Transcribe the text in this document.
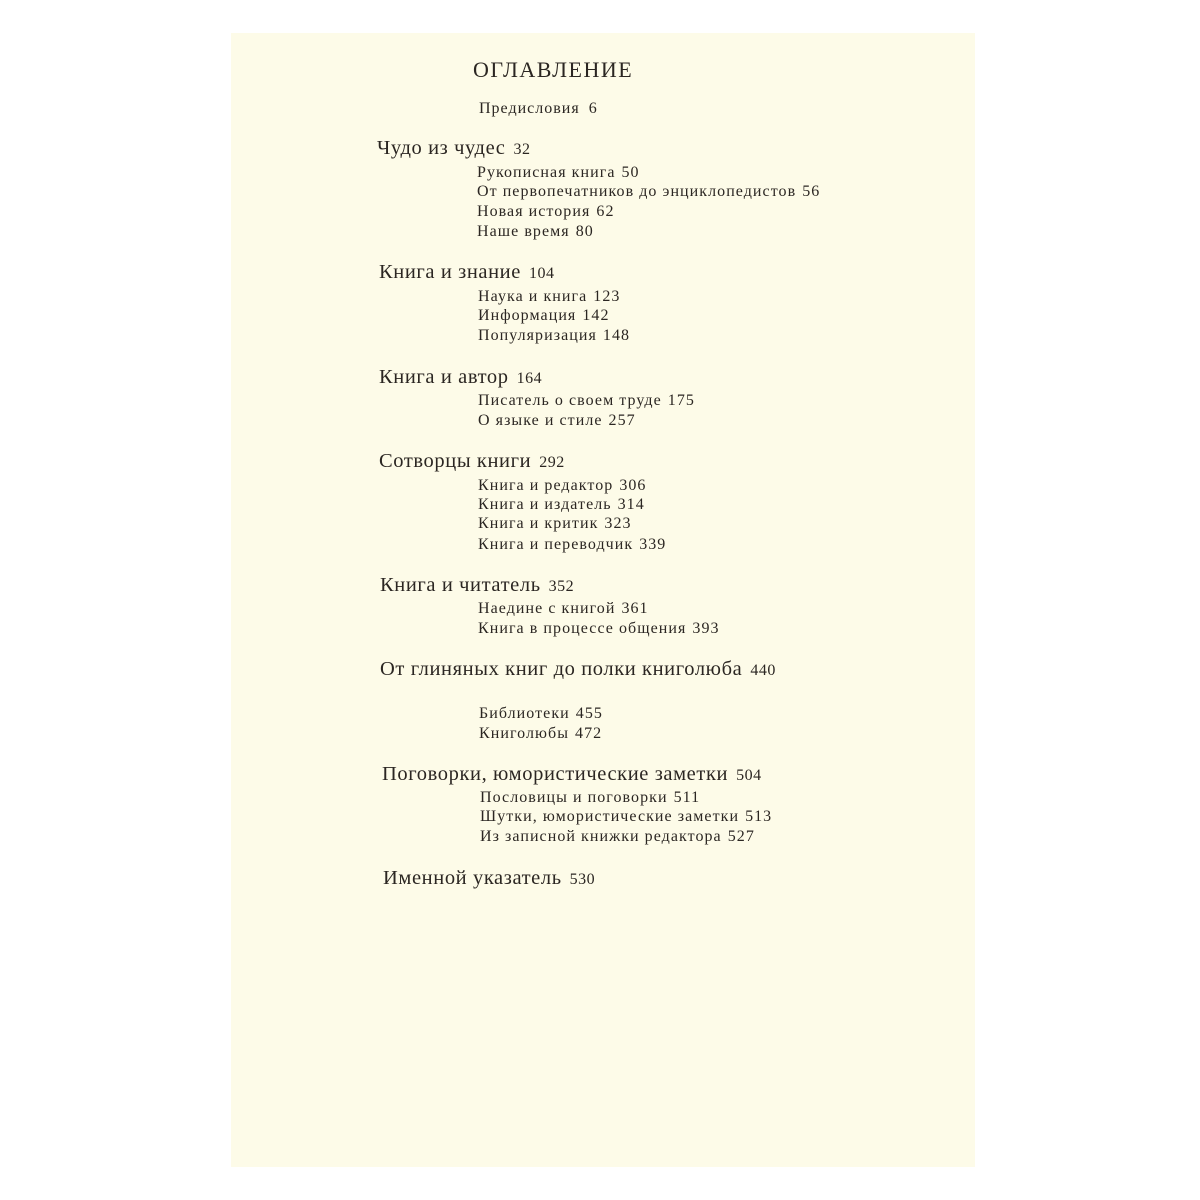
ОГЛАВЛЕНИЕ
Предисловия 6
Чудо из чудес 32
Рукописная книга 50
От первопечатников до энциклопедистов 56
Новая история 62
Наше время 80
Книга и знание 104
Наука и книга 123
Информация 142
Популяризация 148
Книга и автор 164
Писатель о своем труде 175
О языке и стиле 257
Сотворцы книги 292
Книга и редактор 306
Книга и издатель 314
Книга и критик 323
Книга и переводчик 339
Книга и читатель 352
Наедине с книгой 361
Книга в процессе общения 393
От глиняных книг до полки книголюба 440
Библиотеки 455
Книголюбы 472
Поговорки, юмористические заметки 504
Пословицы и поговорки 511
Шутки, юмористические заметки 513
Из записной книжки редактора 527
Именной указатель 530
